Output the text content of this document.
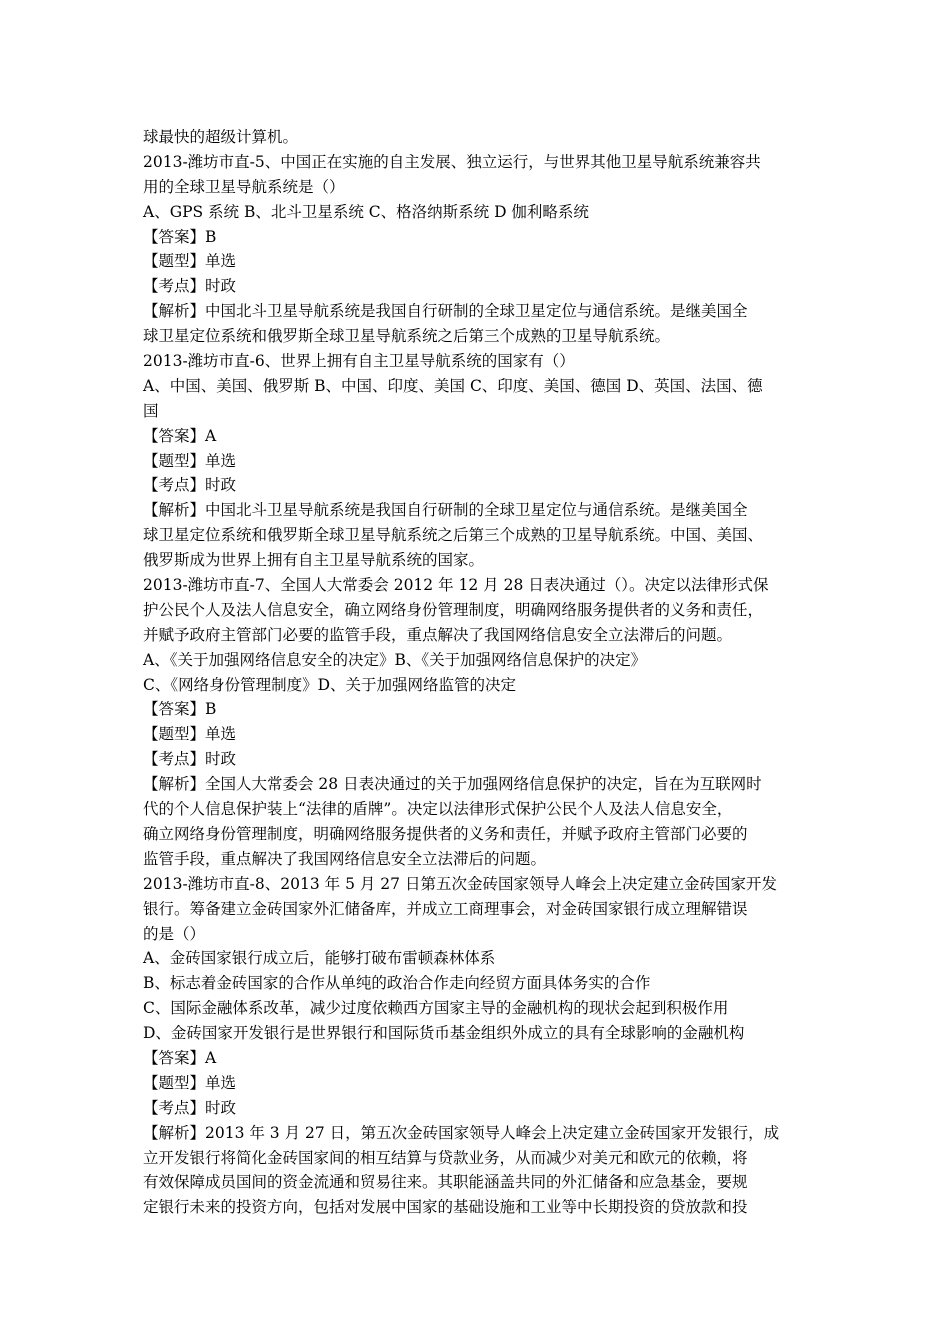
球最快的超级计算机。
2013-潍坊市直-5、中国正在实施的自主发展、独立运行，与世界其他卫星导航系统兼容共
用的全球卫星导航系统是（）
A、GPS 系统 B、北斗卫星系统 C、格洛纳斯系统 D 伽利略系统
【答案】B
【题型】单选
【考点】时政
【解析】中国北斗卫星导航系统是我国自行研制的全球卫星定位与通信系统。是继美国全
球卫星定位系统和俄罗斯全球卫星导航系统之后第三个成熟的卫星导航系统。
2013-潍坊市直-6、世界上拥有自主卫星导航系统的国家有（）
A、中国、美国、俄罗斯 B、中国、印度、美国 C、印度、美国、德国 D、英国、法国、德
国
【答案】A
【题型】单选
【考点】时政
【解析】中国北斗卫星导航系统是我国自行研制的全球卫星定位与通信系统。是继美国全
球卫星定位系统和俄罗斯全球卫星导航系统之后第三个成熟的卫星导航系统。中国、美国、
俄罗斯成为世界上拥有自主卫星导航系统的国家。
2013-潍坊市直-7、全国人大常委会 2012 年 12 月 28 日表决通过（）。决定以法律形式保
护公民个人及法人信息安全，确立网络身份管理制度，明确网络服务提供者的义务和责任，
并赋予政府主管部门必要的监管手段，重点解决了我国网络信息安全立法滞后的问题。
A、《关于加强网络信息安全的决定》B、《关于加强网络信息保护的决定》
C、《网络身份管理制度》D、关于加强网络监管的决定
【答案】B
【题型】单选
【考点】时政
【解析】全国人大常委会 28 日表决通过的关于加强网络信息保护的决定，旨在为互联网时
代的个人信息保护装上“法律的盾牌”。决定以法律形式保护公民个人及法人信息安全，
确立网络身份管理制度，明确网络服务提供者的义务和责任，并赋予政府主管部门必要的
监管手段，重点解决了我国网络信息安全立法滞后的问题。
2013-潍坊市直-8、2013 年 5 月 27 日第五次金砖国家领导人峰会上决定建立金砖国家开发
银行。筹备建立金砖国家外汇储备库，并成立工商理事会，对金砖国家银行成立理解错误
的是（）
A、金砖国家银行成立后，能够打破布雷顿森林体系
B、标志着金砖国家的合作从单纯的政治合作走向经贸方面具体务实的合作
C、国际金融体系改革，减少过度依赖西方国家主导的金融机构的现状会起到积极作用
D、金砖国家开发银行是世界银行和国际货币基金组织外成立的具有全球影响的金融机构
【答案】A
【题型】单选
【考点】时政
【解析】2013 年 3 月 27 日，第五次金砖国家领导人峰会上决定建立金砖国家开发银行，成
立开发银行将简化金砖国家间的相互结算与贷款业务，从而减少对美元和欧元的依赖，将
有效保障成员国间的资金流通和贸易往来。其职能涵盖共同的外汇储备和应急基金，要规
定银行未来的投资方向，包括对发展中国家的基础设施和工业等中长期投资的贷放款和投
